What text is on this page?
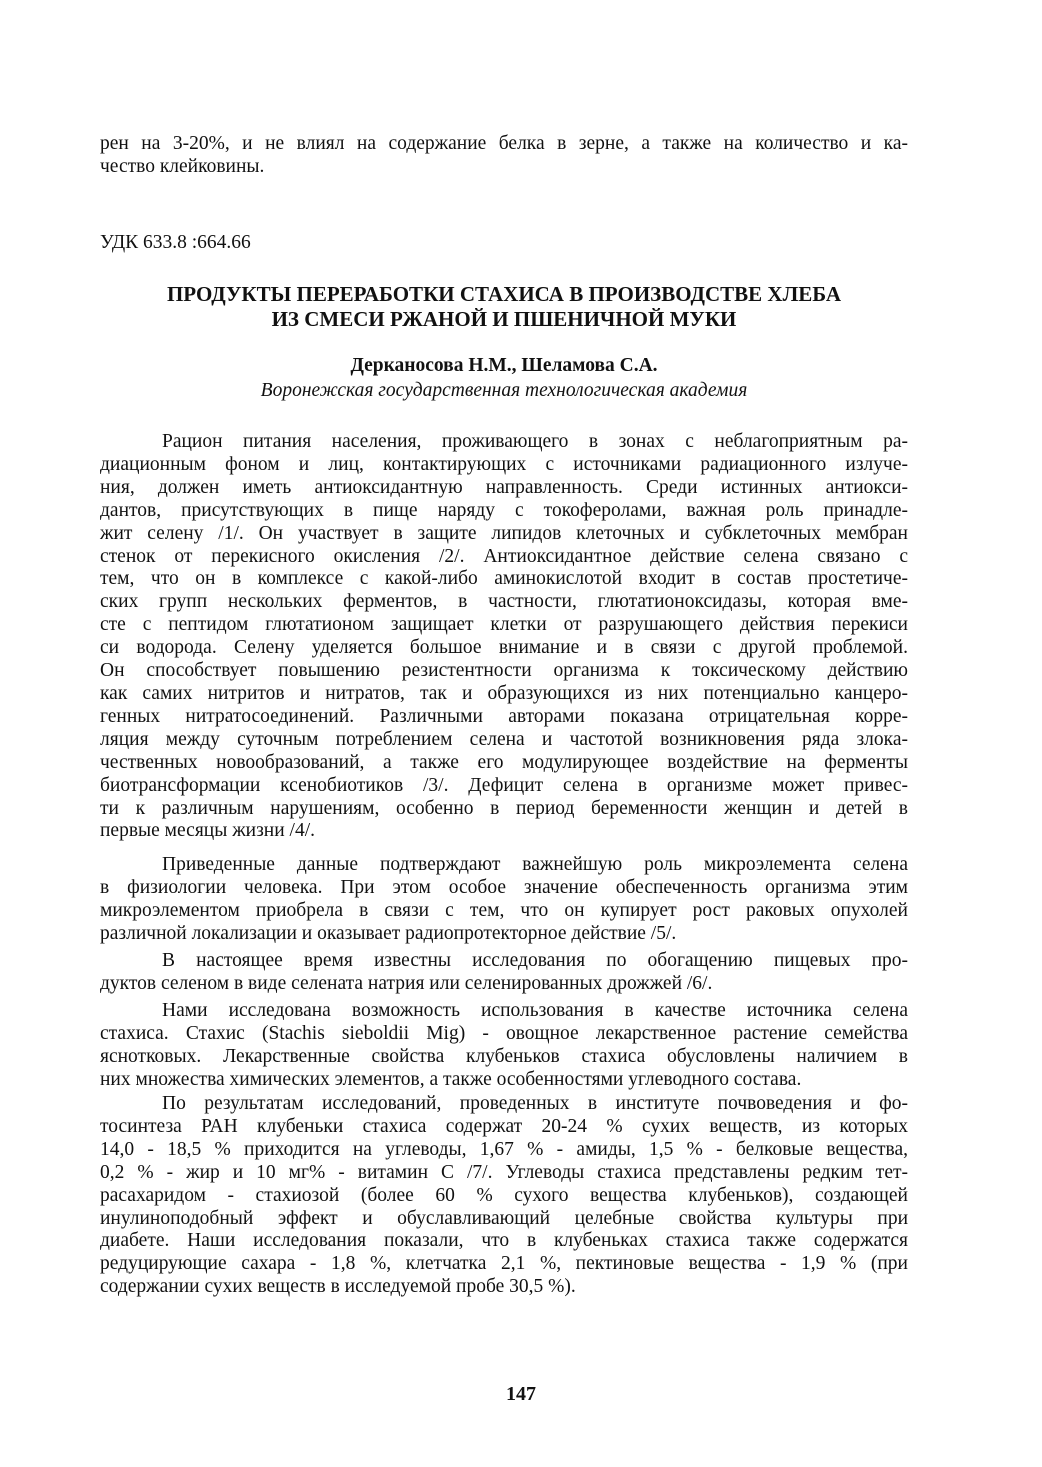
рен на 3-20%, и не влиял на содержание белка в зерне, а также на количество и ка-
чество клейковины.
УДК 633.8 :664.66
ПРОДУКТЫ ПЕРЕРАБОТКИ СТАХИСА В ПРОИЗВОДСТВЕ ХЛЕБА
ИЗ СМЕСИ РЖАНОЙ И ПШЕНИЧНОЙ МУКИ
Дерканосова Н.М., Шеламова С.А.
Воронежская государственная технологическая академия
Рацион питания населения, проживающего в зонах с неблагоприятным ра-
диационным фоном и лиц, контактирующих с источниками радиационного излуче-
ния, должен иметь антиоксидантную направленность. Среди истинных антиокси-
дантов, присутствующих в пище наряду с токоферолами, важная роль принадле-
жит селену /1/. Он участвует в защите липидов клеточных и субклеточных мембран
стенок от перекисного окисления /2/. Антиоксидантное действие селена связано с
тем, что он в комплексе с какой-либо аминокислотой входит в состав простетиче-
ских групп нескольких ферментов, в частности, глютатионоксидазы, которая вме-
сте с пептидом глютатионом защищает клетки от разрушающего действия перекиси
си водорода. Селену уделяется большое внимание и в связи с другой проблемой.
Он способствует повышению резистентности организма к токсическому действию
как самих нитритов и нитратов, так и образующихся из них потенциально канцеро-
генных нитратосоединений. Различными авторами показана отрицательная корре-
ляция между суточным потреблением селена и частотой возникновения ряда злока-
чественных новообразований, а также его модулирующее воздействие на ферменты
биотрансформации ксенобиотиков /3/. Дефицит селена в организме может привес-
ти к различным нарушениям, особенно в период беременности женщин и детей в
первые месяцы жизни /4/.
Приведенные данные подтверждают важнейшую роль микроэлемента селена
в физиологии человека. При этом особое значение обеспеченность организма этим
микроэлементом приобрела в связи с тем, что он купирует рост раковых опухолей
различной локализации и оказывает радиопротекторное действие /5/.
В настоящее время известны исследования по обогащению пищевых про-
дуктов селеном в виде селената натрия или селенированных дрожжей /6/.
Нами исследована возможность использования в качестве источника селена
стахиса. Стахис (Stachis sieboldii Mig) - овощное лекарственное растение семейства
яснотковых. Лекарственные свойства клубеньков стахиса обусловлены наличием в
них множества химических элементов, а также особенностями углеводного состава.
По результатам исследований, проведенных в институте почвоведения и фо-
тосинтеза РАН клубеньки стахиса содержат 20-24 % сухих веществ, из которых
14,0 - 18,5 % приходится на углеводы, 1,67 % - амиды, 1,5 % - белковые вещества,
0,2 % - жир и 10 мг% - витамин С /7/. Углеводы стахиса представлены редким тет-
расахаридом - стахиозой (более 60 % сухого вещества клубеньков), создающей
инулиноподобный эффект и обуславливающий целебные свойства культуры при
диабете. Наши исследования показали, что в клубеньках стахиса также содержатся
редуцирующие сахара - 1,8 %, клетчатка 2,1 %, пектиновые вещества - 1,9 % (при
содержании сухих веществ в исследуемой пробе 30,5 %).
147
